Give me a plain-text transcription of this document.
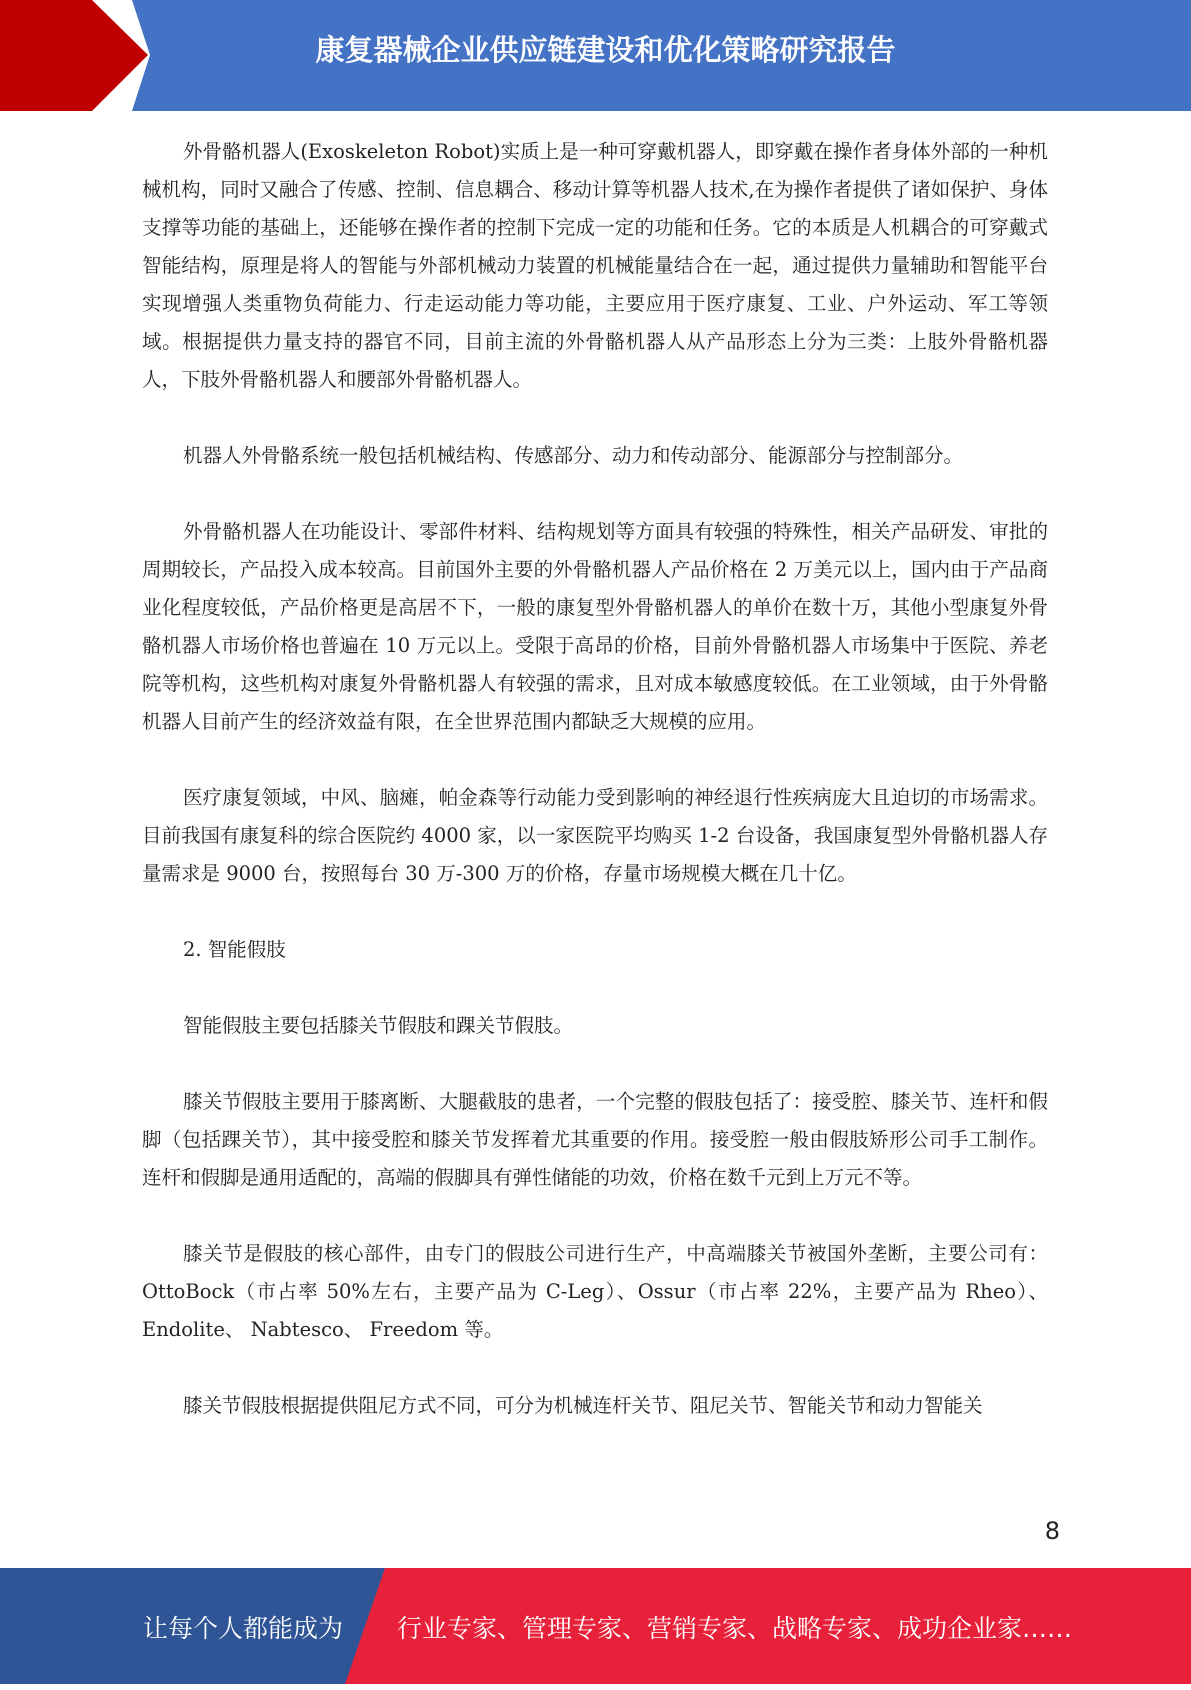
康复器械企业供应链建设和优化策略研究报告

外骨骼机器人(Exoskeleton Robot)实质上是一种可穿戴机器人，即穿戴在操作者身体外部的一种机械机构，同时又融合了传感、控制、信息耦合、移动计算等机器人技术,在为操作者提供了诸如保护、身体支撑等功能的基础上，还能够在操作者的控制下完成一定的功能和任务。它的本质是人机耦合的可穿戴式智能结构，原理是将人的智能与外部机械动力装置的机械能量结合在一起，通过提供力量辅助和智能平台实现增强人类重物负荷能力、行走运动能力等功能，主要应用于医疗康复、工业、户外运动、军工等领域。根据提供力量支持的器官不同，目前主流的外骨骼机器人从产品形态上分为三类：上肢外骨骼机器人，下肢外骨骼机器人和腰部外骨骼机器人。

机器人外骨骼系统一般包括机械结构、传感部分、动力和传动部分、能源部分与控制部分。

外骨骼机器人在功能设计、零部件材料、结构规划等方面具有较强的特殊性，相关产品研发、审批的周期较长，产品投入成本较高。目前国外主要的外骨骼机器人产品价格在 2 万美元以上，国内由于产品商业化程度较低，产品价格更是高居不下，一般的康复型外骨骼机器人的单价在数十万，其他小型康复外骨骼机器人市场价格也普遍在 10 万元以上。受限于高昂的价格，目前外骨骼机器人市场集中于医院、养老院等机构，这些机构对康复外骨骼机器人有较强的需求，且对成本敏感度较低。在工业领域，由于外骨骼机器人目前产生的经济效益有限，在全世界范围内都缺乏大规模的应用。

医疗康复领域，中风、脑瘫，帕金森等行动能力受到影响的神经退行性疾病庞大且迫切的市场需求。目前我国有康复科的综合医院约 4000 家，以一家医院平均购买 1-2 台设备，我国康复型外骨骼机器人存量需求是 9000 台，按照每台 30 万-300 万的价格，存量市场规模大概在几十亿。

2. 智能假肢

智能假肢主要包括膝关节假肢和踝关节假肢。

膝关节假肢主要用于膝离断、大腿截肢的患者，一个完整的假肢包括了：接受腔、膝关节、连杆和假脚（包括踝关节），其中接受腔和膝关节发挥着尤其重要的作用。接受腔一般由假肢矫形公司手工制作。连杆和假脚是通用适配的，高端的假脚具有弹性储能的功效，价格在数千元到上万元不等。

膝关节是假肢的核心部件，由专门的假肢公司进行生产，中高端膝关节被国外垄断，主要公司有：OttoBock（市占率 50%左右，主要产品为 C-Leg）、Ossur（市占率 22%，主要产品为 Rheo）、Endolite、 Nabtesco、 Freedom 等。

膝关节假肢根据提供阻尼方式不同，可分为机械连杆关节、阻尼关节、智能关节和动力智能关

8
让每个人都能成为 行业专家、管理专家、营销专家、战略专家、成功企业家……
